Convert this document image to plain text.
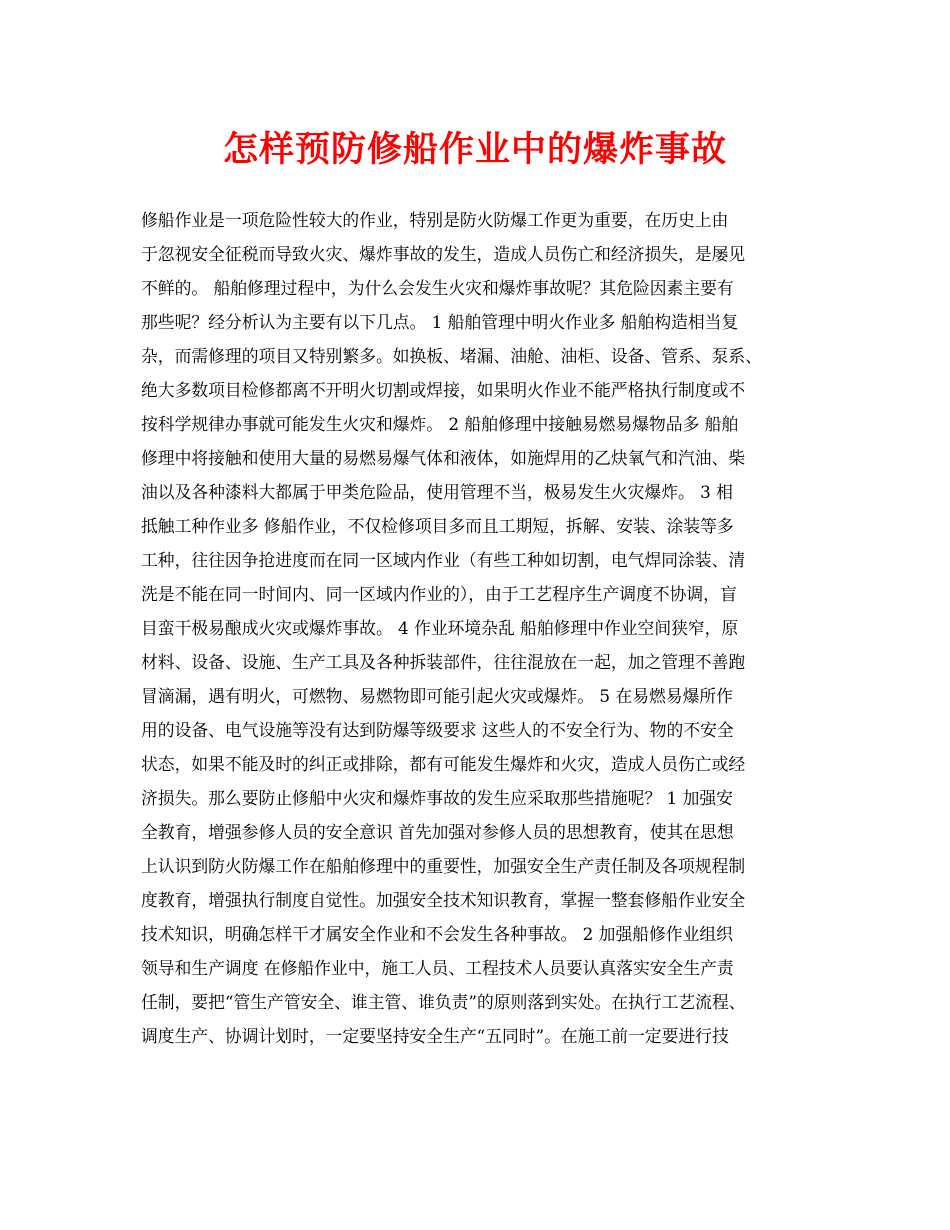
怎样预防修船作业中的爆炸事故
修船作业是一项危险性较大的作业，特别是防火防爆工作更为重要，在历史上由
于忽视安全征税而导致火灾、爆炸事故的发生，造成人员伤亡和经济损失，是屡见
不鲜的。 船舶修理过程中，为什么会发生火灾和爆炸事故呢？其危险因素主要有
那些呢？经分析认为主要有以下几点。 1 船舶管理中明火作业多 船舶构造相当复
杂，而需修理的项目又特别繁多。如换板、堵漏、油舱、油柜、设备、管系、泵系、
绝大多数项目检修都离不开明火切割或焊接，如果明火作业不能严格执行制度或不
按科学规律办事就可能发生火灾和爆炸。 2 船舶修理中接触易燃易爆物品多 船舶
修理中将接触和使用大量的易燃易爆气体和液体，如施焊用的乙炔氧气和汽油、柴
油以及各种漆料大都属于甲类危险品，使用管理不当，极易发生火灾爆炸。 3 相
抵触工种作业多 修船作业，不仅检修项目多而且工期短，拆解、安装、涂装等多
工种，往往因争抢进度而在同一区域内作业（有些工种如切割，电气焊同涂装、清
洗是不能在同一时间内、同一区域内作业的），由于工艺程序生产调度不协调，盲
目蛮干极易酿成火灾或爆炸事故。 4 作业环境杂乱 船舶修理中作业空间狭窄，原
材料、设备、设施、生产工具及各种拆装部件，往往混放在一起，加之管理不善跑
冒滴漏，遇有明火，可燃物、易燃物即可能引起火灾或爆炸。 5 在易燃易爆所作
用的设备、电气设施等没有达到防爆等级要求 这些人的不安全行为、物的不安全
状态，如果不能及时的纠正或排除，都有可能发生爆炸和火灾，造成人员伤亡或经
济损失。那么要防止修船中火灾和爆炸事故的发生应采取那些措施呢？ 1 加强安
全教育，增强参修人员的安全意识 首先加强对参修人员的思想教育，使其在思想
上认识到防火防爆工作在船舶修理中的重要性，加强安全生产责任制及各项规程制
度教育，增强执行制度自觉性。加强安全技术知识教育，掌握一整套修船作业安全
技术知识，明确怎样干才属安全作业和不会发生各种事故。 2 加强船修作业组织
领导和生产调度 在修船作业中，施工人员、工程技术人员要认真落实安全生产责
任制，要把“管生产管安全、谁主管、谁负责”的原则落到实处。在执行工艺流程、
调度生产、协调计划时，一定要坚持安全生产“五同时”。在施工前一定要进行技
